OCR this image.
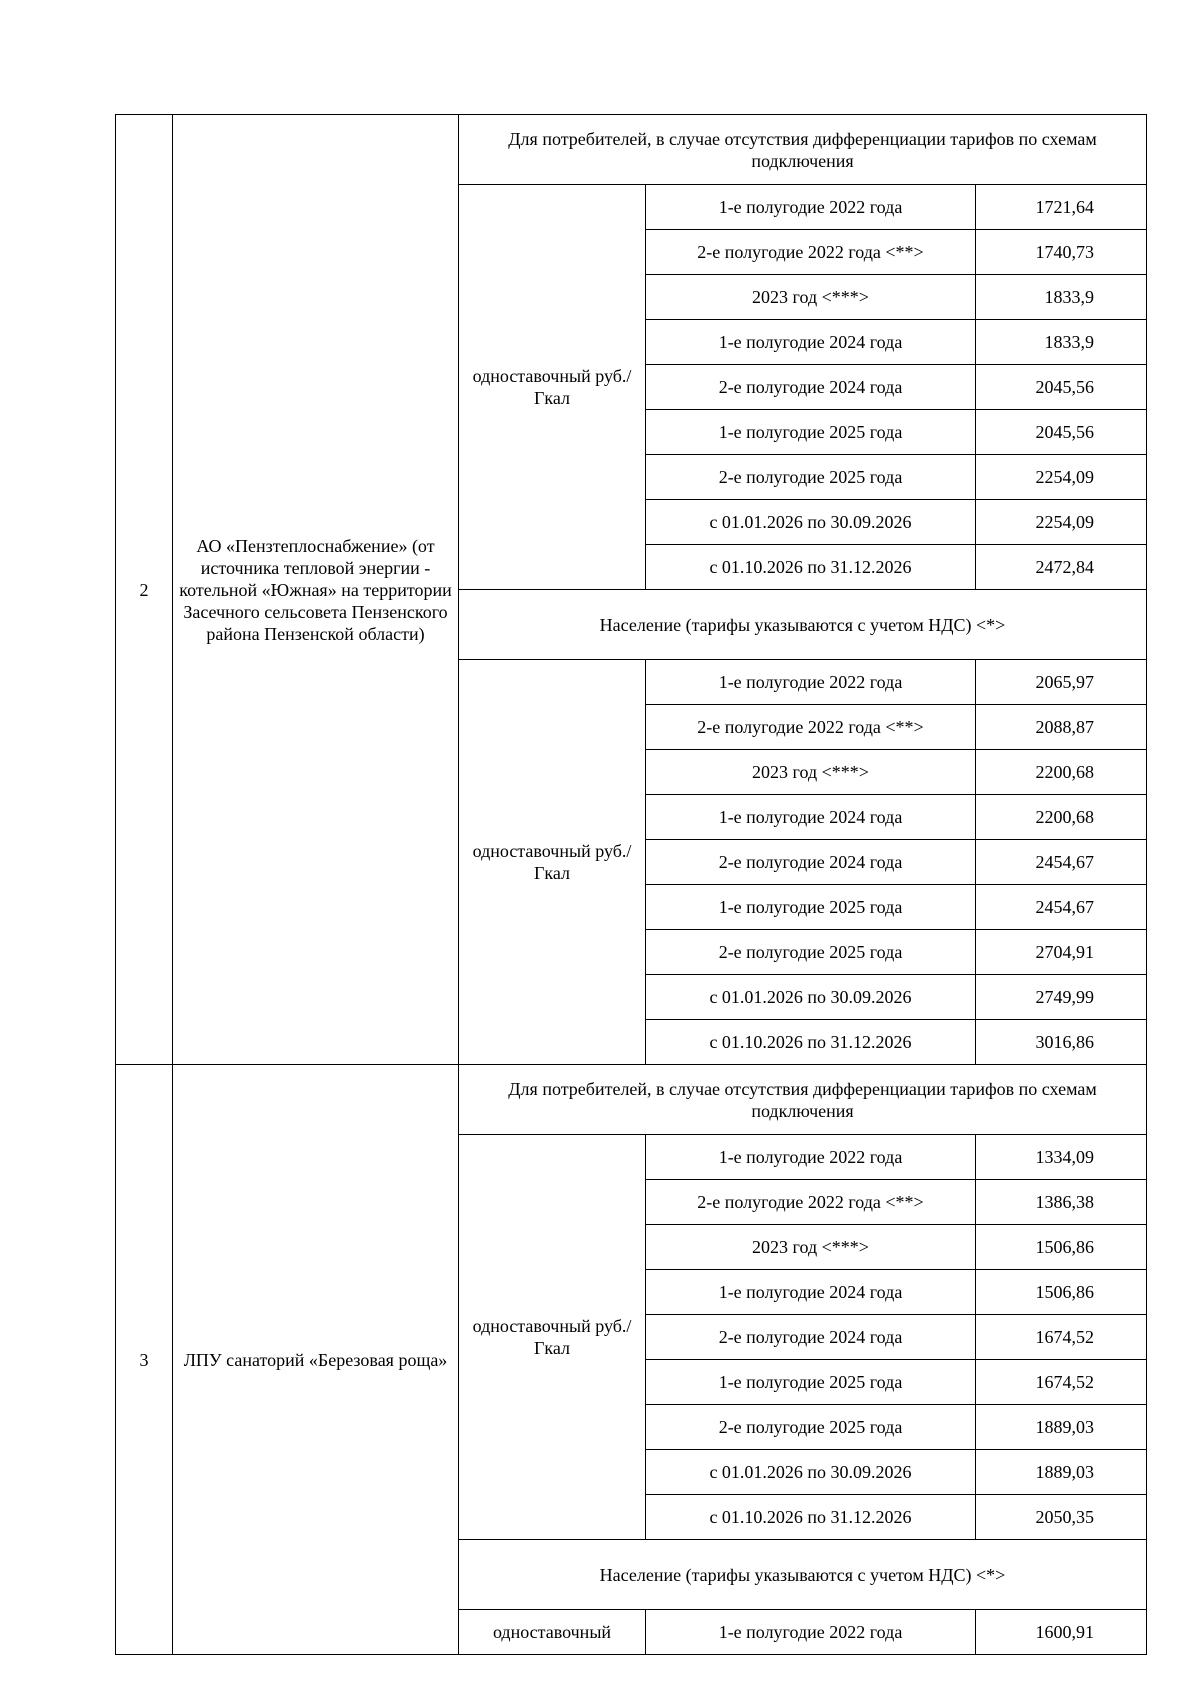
2	АО «Пензтеплоснабжение» (от источника тепловой энергии - котельной «Южная» на территории Засечного сельсовета Пензенского района Пензенской области)	Для потребителей, в случае отсутствия дифференциации тарифов по схемам подключения		
		одноставочный руб./Гкал	1-е полугодие 2022 года	1721,64
			2-е полугодие 2022 года <**>	1740,73
			2023 год <***>	1833,9
			1-е полугодие 2024 года	1833,9
			2-е полугодие 2024 года	2045,56
			1-е полугодие 2025 года	2045,56
			2-е полугодие 2025 года	2254,09
			с 01.01.2026 по 30.09.2026	2254,09
			с 01.10.2026 по 31.12.2026	2472,84
		Население (тарифы указываются с учетом НДС) <*>		
		одноставочный руб./Гкал	1-е полугодие 2022 года	2065,97
			2-е полугодие 2022 года <**>	2088,87
			2023 год <***>	2200,68
			1-е полугодие 2024 года	2200,68
			2-е полугодие 2024 года	2454,67
			1-е полугодие 2025 года	2454,67
			2-е полугодие 2025 года	2704,91
			с 01.01.2026 по 30.09.2026	2749,99
			с 01.10.2026 по 31.12.2026	3016,86
3	ЛПУ санаторий «Березовая роща»	Для потребителей, в случае отсутствия дифференциации тарифов по схемам подключения		
		одноставочный руб./Гкал	1-е полугодие 2022 года	1334,09
			2-е полугодие 2022 года <**>	1386,38
			2023 год <***>	1506,86
			1-е полугодие 2024 года	1506,86
			2-е полугодие 2024 года	1674,52
			1-е полугодие 2025 года	1674,52
			2-е полугодие 2025 года	1889,03
			с 01.01.2026 по 30.09.2026	1889,03
			с 01.10.2026 по 31.12.2026	2050,35
		Население (тарифы указываются с учетом НДС) <*>		
		одноставочный	1-е полугодие 2022 года	1600,91
